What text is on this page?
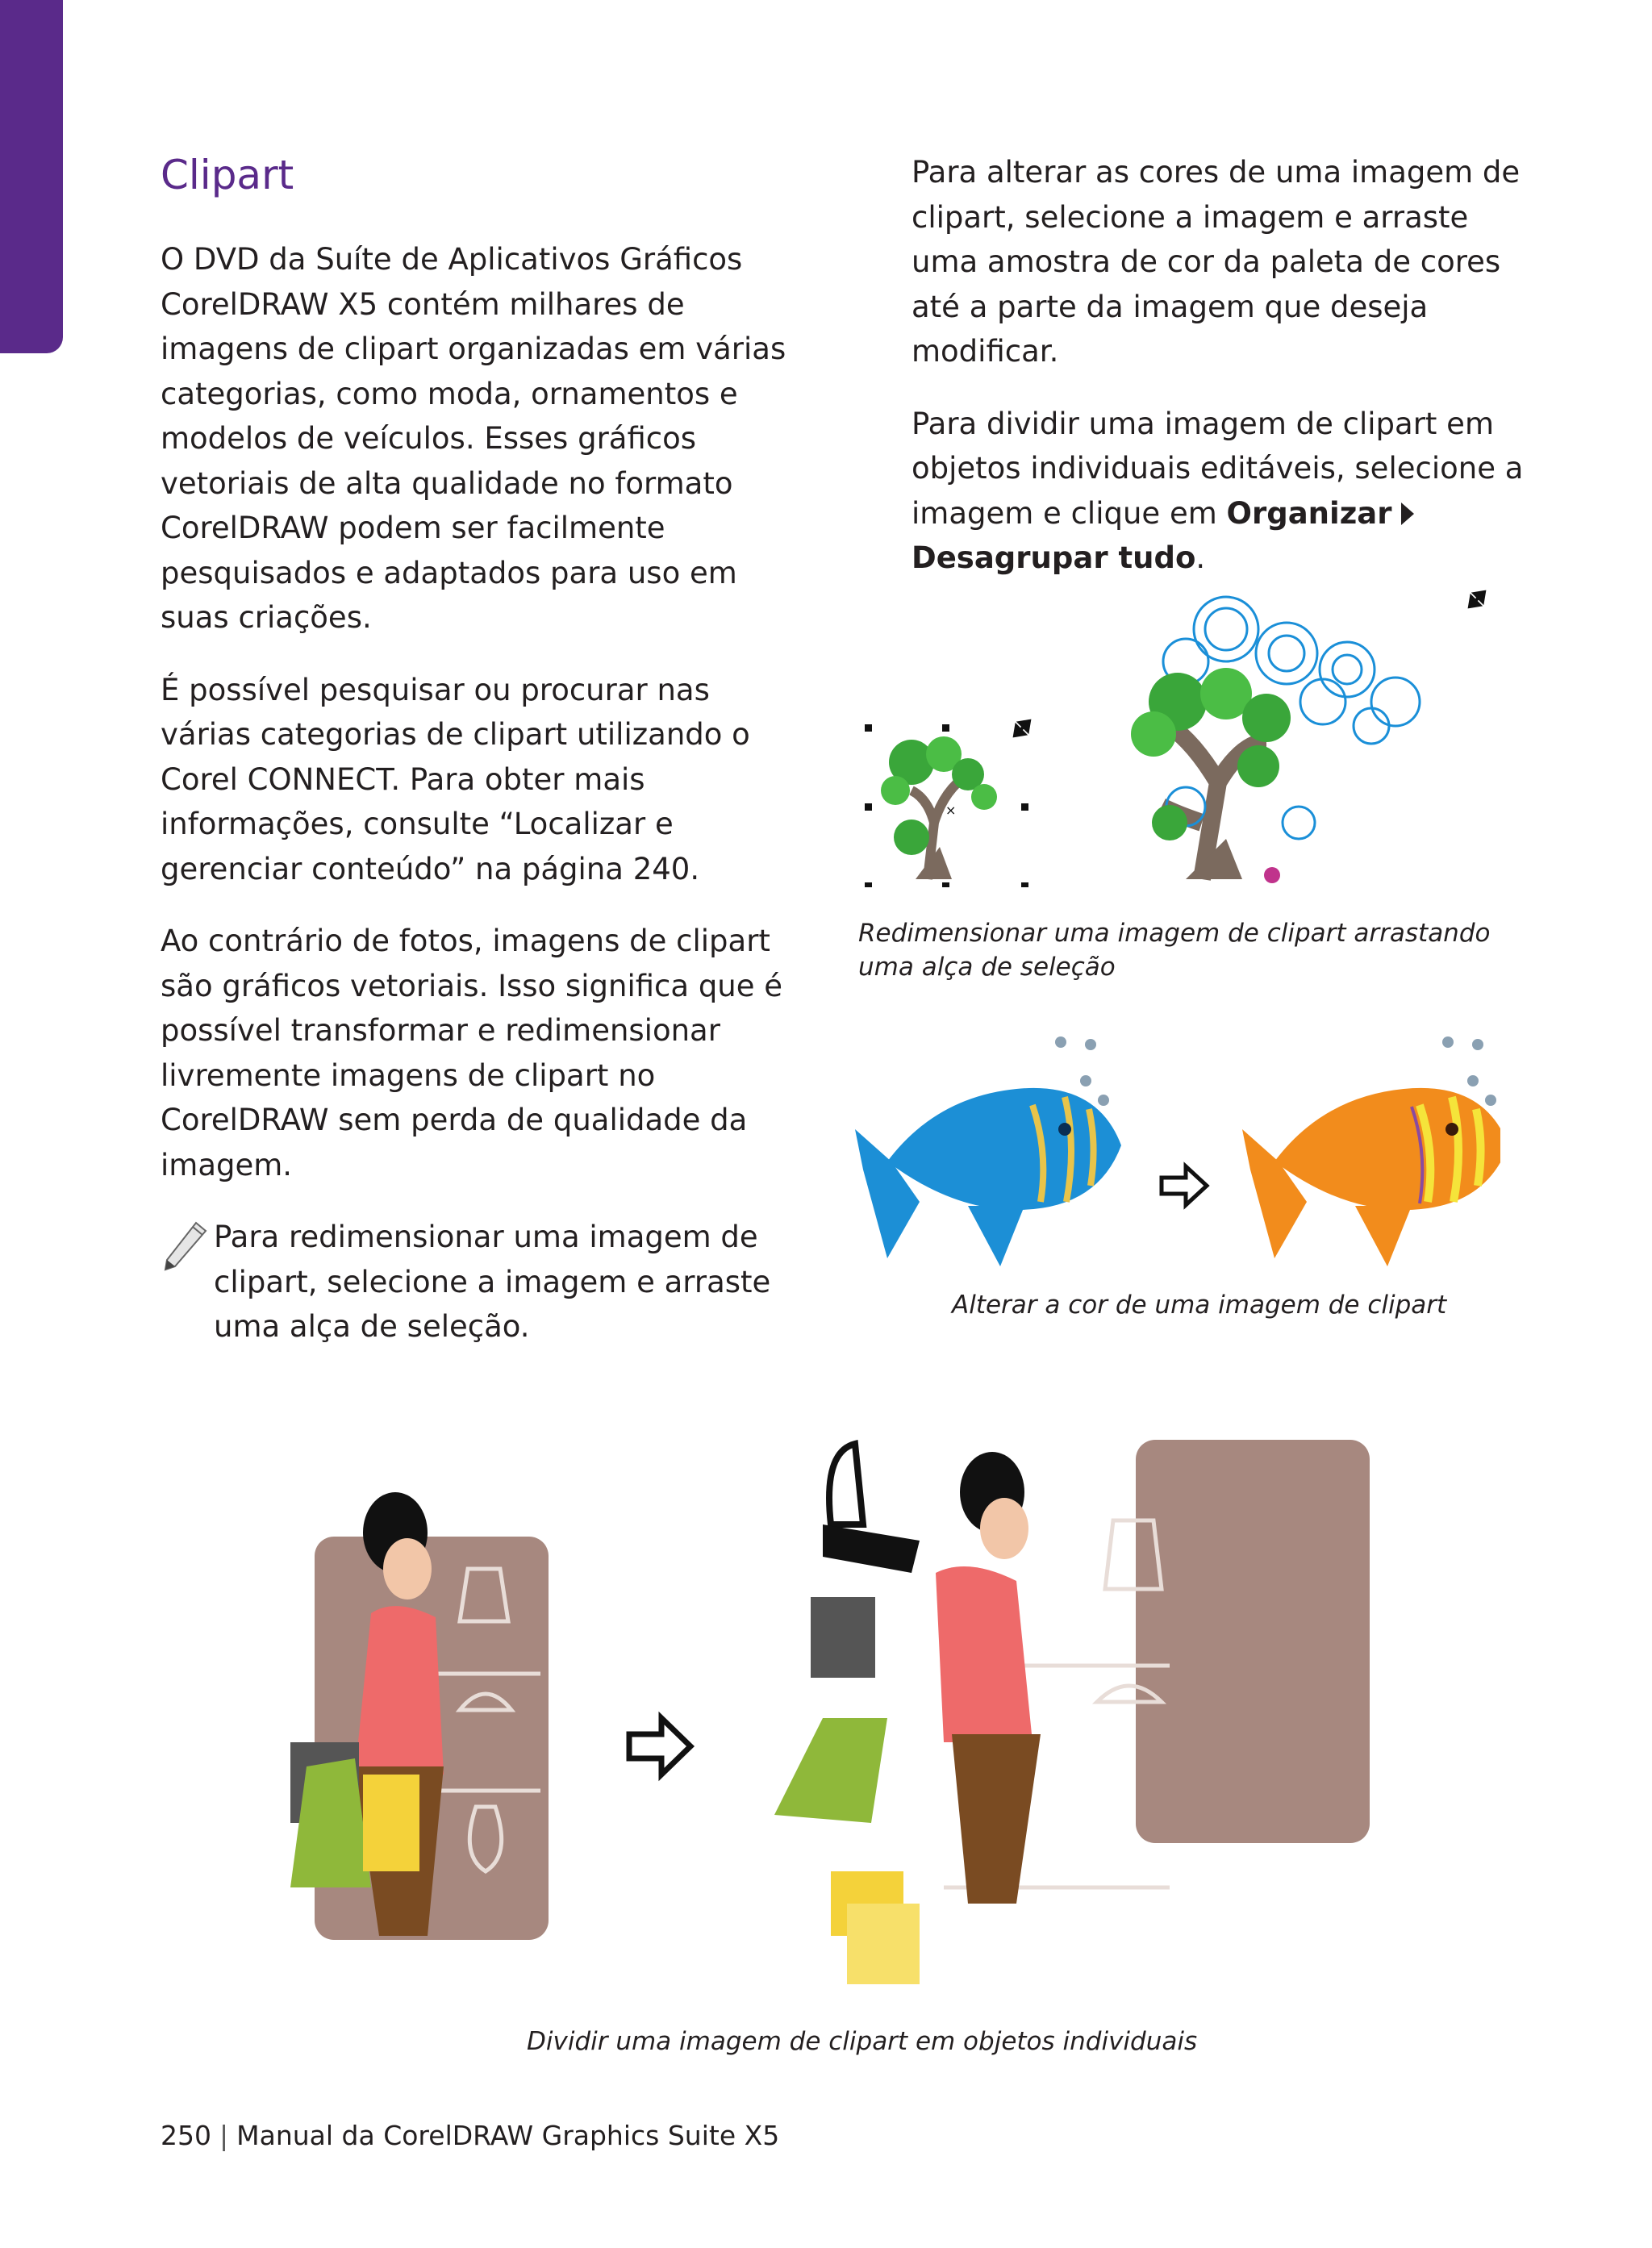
Clipart

O DVD da Suíte de Aplicativos Gráficos CorelDRAW X5 contém milhares de imagens de clipart organizadas em várias categorias, como moda, ornamentos e modelos de veículos. Esses gráficos vetoriais de alta qualidade no formato CorelDRAW podem ser facilmente pesquisados e adaptados para uso em suas criações.

É possível pesquisar ou procurar nas várias categorias de clipart utilizando o Corel CONNECT. Para obter mais informações, consulte “Localizar e gerenciar conteúdo” na página 240.

Ao contrário de fotos, imagens de clipart são gráficos vetoriais. Isso significa que é possível transformar e redimensionar livremente imagens de clipart no CorelDRAW sem perda de qualidade da imagem.

Para redimensionar uma imagem de clipart, selecione a imagem e arraste uma alça de seleção.

Para alterar as cores de uma imagem de clipart, selecione a imagem e arraste uma amostra de cor da paleta de cores até a parte da imagem que deseja modificar.

Para dividir uma imagem de clipart em objetos individuais editáveis, selecione a imagem e clique em OrganizarDesagrupar tudo.

×
Redimensionar uma imagem de clipart arrastando uma alça de seleção
Alterar a cor de uma imagem de clipart
Dividir uma imagem de clipart em objetos individuais
250 | Manual da CorelDRAW Graphics Suite X5
